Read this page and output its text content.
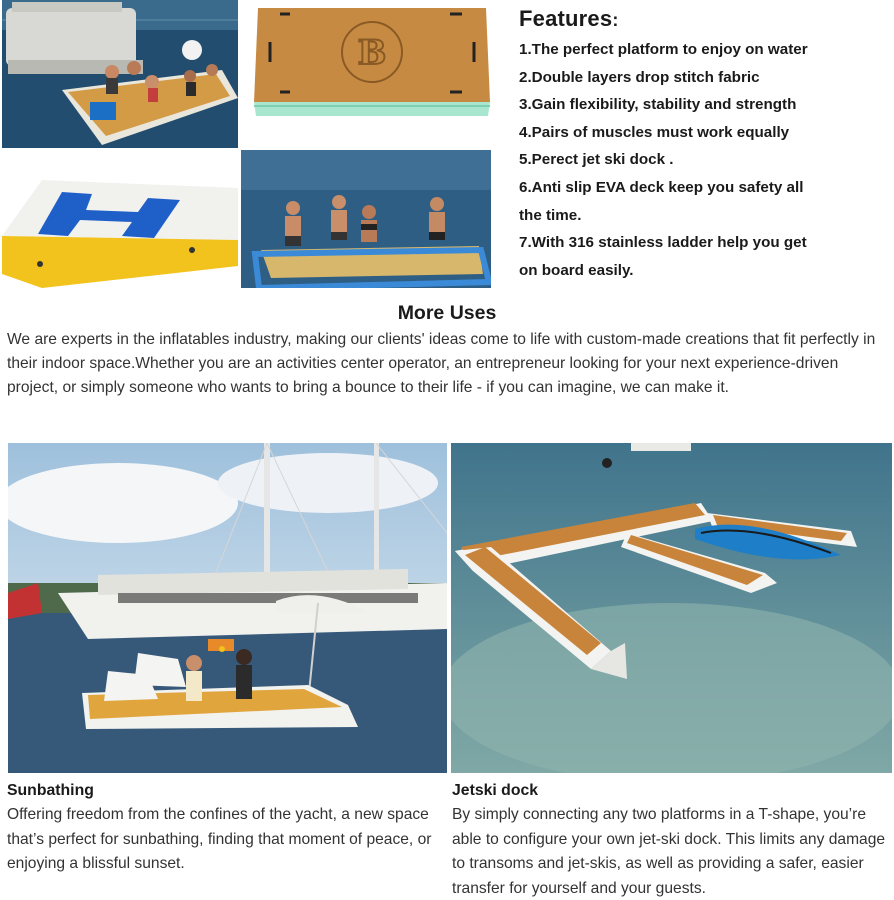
B
Features:
1.The perfect platform to enjoy on water
2.Double layers drop stitch fabric
3.Gain flexibility, stability and strength
4.Pairs of muscles must work equally
5.Perect jet ski dock .
6.Anti slip EVA deck keep you safety all
the time.
7.With 316 stainless ladder help you get
on board easily.
More Uses

We are experts in the inflatables industry, making our clients' ideas come to life with custom-made creations that fit perfectly in their indoor space.Whether you are an activities center operator, an entrepreneur looking for your next experience-driven project, or simply someone who wants to bring a bounce to their life - if you can imagine, we can make it.

Sunbathing
Offering freedom from the confines of the yacht, a new space that’s perfect for sunbathing, finding that moment of peace, or enjoying a blissful sunset.
Jetski dock
By simply connecting any two platforms in a T-shape, you’re able to configure your own jet-ski dock. This limits any damage to transoms and jet-skis, as well as providing a safer, easier transfer for yourself and your guests.
